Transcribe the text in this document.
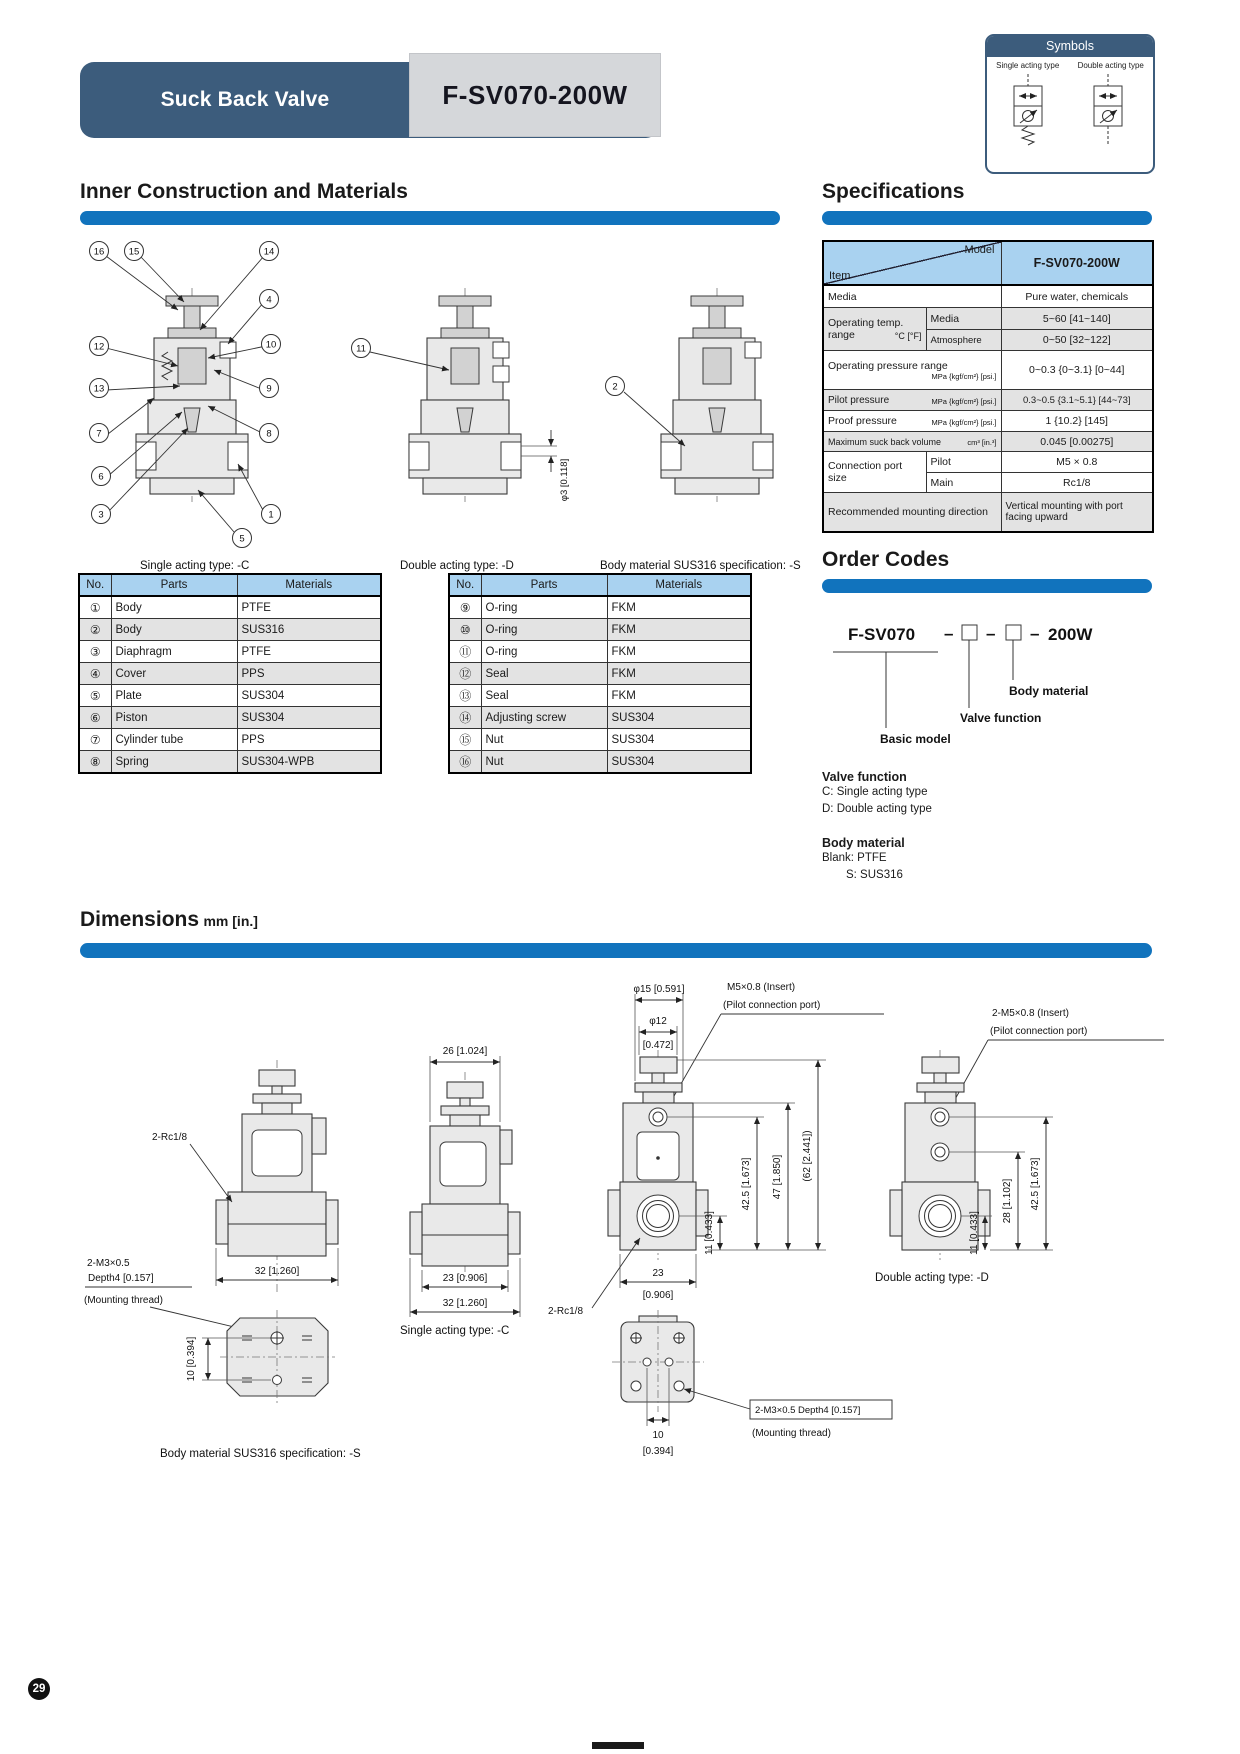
Suck Back Valve	F-SV070-200W
Symbols
Single acting type Double acting type
Inner Construction and Materials	Specifications
16	15	14
4
10
9
8
12
13
7
6
3	1
5
11
φ3 [0.118]
2
Single acting type: -C	Double acting type: -D	Body material SUS316 specification: -S
Model
Item		F-SV070-200W
Media		Pure water, chemicals

Operating temp.
range °C [°F]	Media	5~60 [41~140]
	Atmosphere	0~50 [32~122]

Operating pressure range
MPa {kgf/cm²} [psi.]		0~0.3 {0~3.1} [0~44]

Pilot pressure MPa {kgf/cm²} [psi.]		0.3~0.5 {3.1~5.1} [44~73]

Proof pressure MPa {kgf/cm²} [psi.]		1 {10.2} [145]

Maximum suck back volume cm³ [in.³]		0.045 [0.00275]

Connection port
size	Pilot	M5 × 0.8
	Main	Rc1/8
Recommended mounting direction		Vertical mounting with port facing upward
No.	Parts	Materials
①	Body	PTFE
②	Body	SUS316
③	Diaphragm	PTFE
④	Cover	PPS
⑤	Plate	SUS304
⑥	Piston	SUS304
⑦	Cylinder tube	PPS
⑧	Spring	SUS304-WPB
No.	Parts	Materials
⑨	O-ring	FKM
⑩	O-ring	FKM
⑪	O-ring	FKM
⑫	Seal	FKM
⑬	Seal	FKM
⑭	Adjusting screw	SUS304
⑮	Nut	SUS304
⑯	Nut	SUS304
Order Codes
F-SV070 – – – 200W
Basic model
Valve function
Body material
Valve function
C: Single acting type
D: Double acting type
Body material
Blank: PTFE
S: SUS316
Dimensions mm [in.]
2-Rc1/8
32 [1.260]
2-M3×0.5
Depth4 [0.157]
(Mounting thread)
10 [0.394]
Body material SUS316 specification: -S
26 [1.024]
23 [0.906]
32 [1.260]
Single acting type: -C
φ15 [0.591]
φ12
[0.472]
M5×0.8 (Insert)
(Pilot connection port)
11 [0.433]
42.5 [1.673] 47 [1.850] (62 [2.441])
23
[0.906]
2-Rc1/8
2-M3×0.5 Depth4 [0.157]
(Mounting thread)
10
[0.394]
2-M5×0.8 (Insert)
(Pilot connection port)
11 [0.433]
28 [1.102] 42.5 [1.673]
Double acting type: -D
29
